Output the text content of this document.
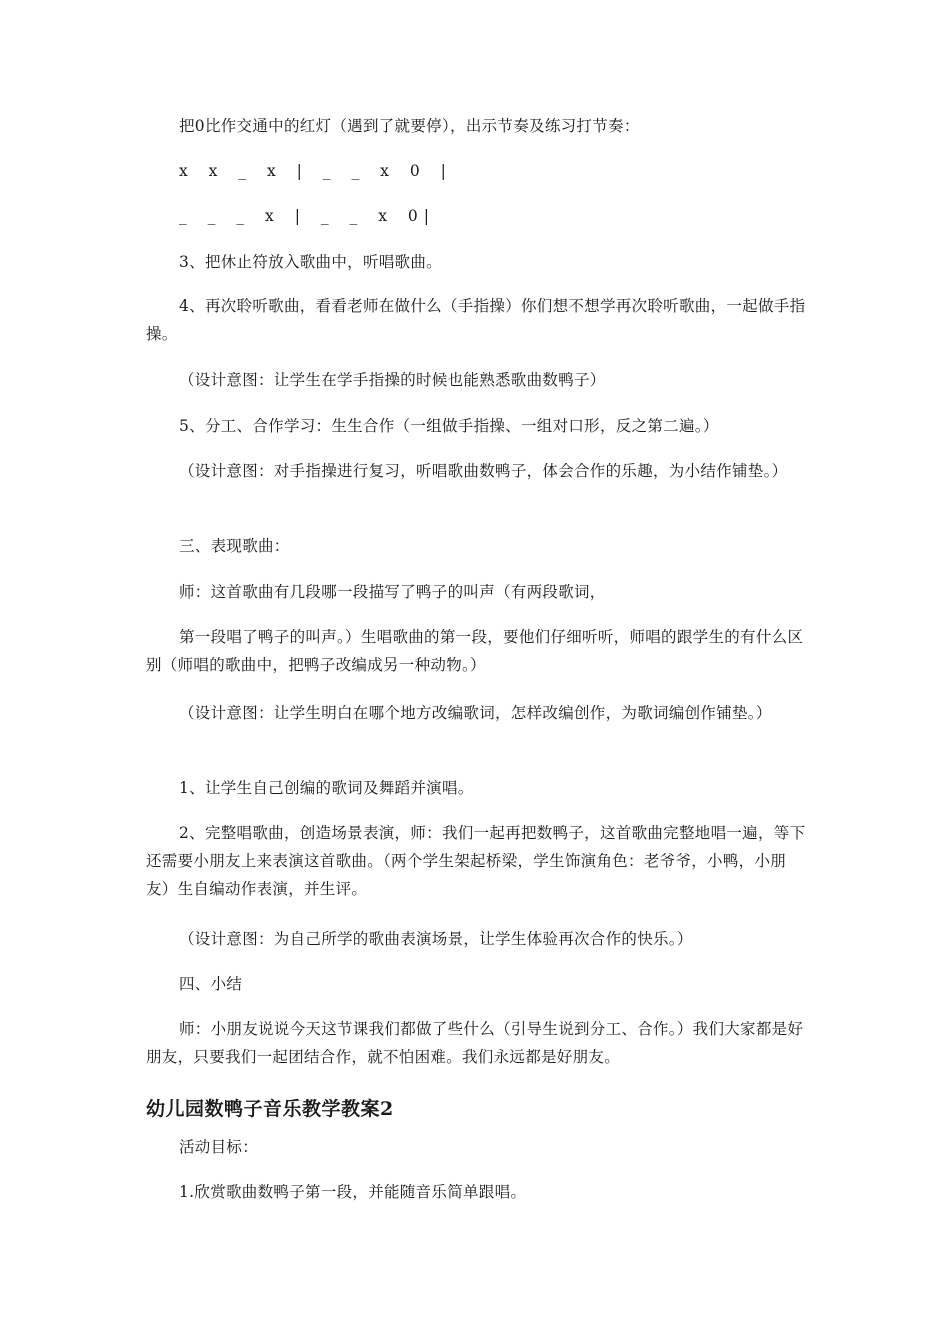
把0比作交通中的红灯（遇到了就要停），出示节奏及练习打节奏：

x x _ x | _ _ x 0 |

_ _ _ x | _ _ x 0|

3、把休止符放入歌曲中，听唱歌曲。

4、再次聆听歌曲，看看老师在做什么（手指操）你们想不想学再次聆听歌曲，一起做手指操。

（设计意图：让学生在学手指操的时候也能熟悉歌曲数鸭子）

5、分工、合作学习：生生合作（一组做手指操、一组对口形，反之第二遍。）

（设计意图：对手指操进行复习，听唱歌曲数鸭子，体会合作的乐趣，为小结作铺垫。）

三、表现歌曲：

师：这首歌曲有几段哪一段描写了鸭子的叫声（有两段歌词，

第一段唱了鸭子的叫声。）生唱歌曲的第一段，要他们仔细听听，师唱的跟学生的有什么区别（师唱的歌曲中，把鸭子改编成另一种动物。）

（设计意图：让学生明白在哪个地方改编歌词，怎样改编创作，为歌词编创作铺垫。）

1、让学生自己创编的歌词及舞蹈并演唱。

2、完整唱歌曲，创造场景表演，师：我们一起再把数鸭子，这首歌曲完整地唱一遍，等下还需要小朋友上来表演这首歌曲。（两个学生架起桥梁，学生饰演角色：老爷爷，小鸭，小朋友）生自编动作表演，并生评。

（设计意图：为自己所学的歌曲表演场景，让学生体验再次合作的快乐。）

四、小结

师：小朋友说说今天这节课我们都做了些什么（引导生说到分工、合作。）我们大家都是好朋友，只要我们一起团结合作，就不怕困难。我们永远都是好朋友。

幼儿园数鸭子音乐教学教案2

活动目标：

1.欣赏歌曲数鸭子第一段，并能随音乐简单跟唱。
